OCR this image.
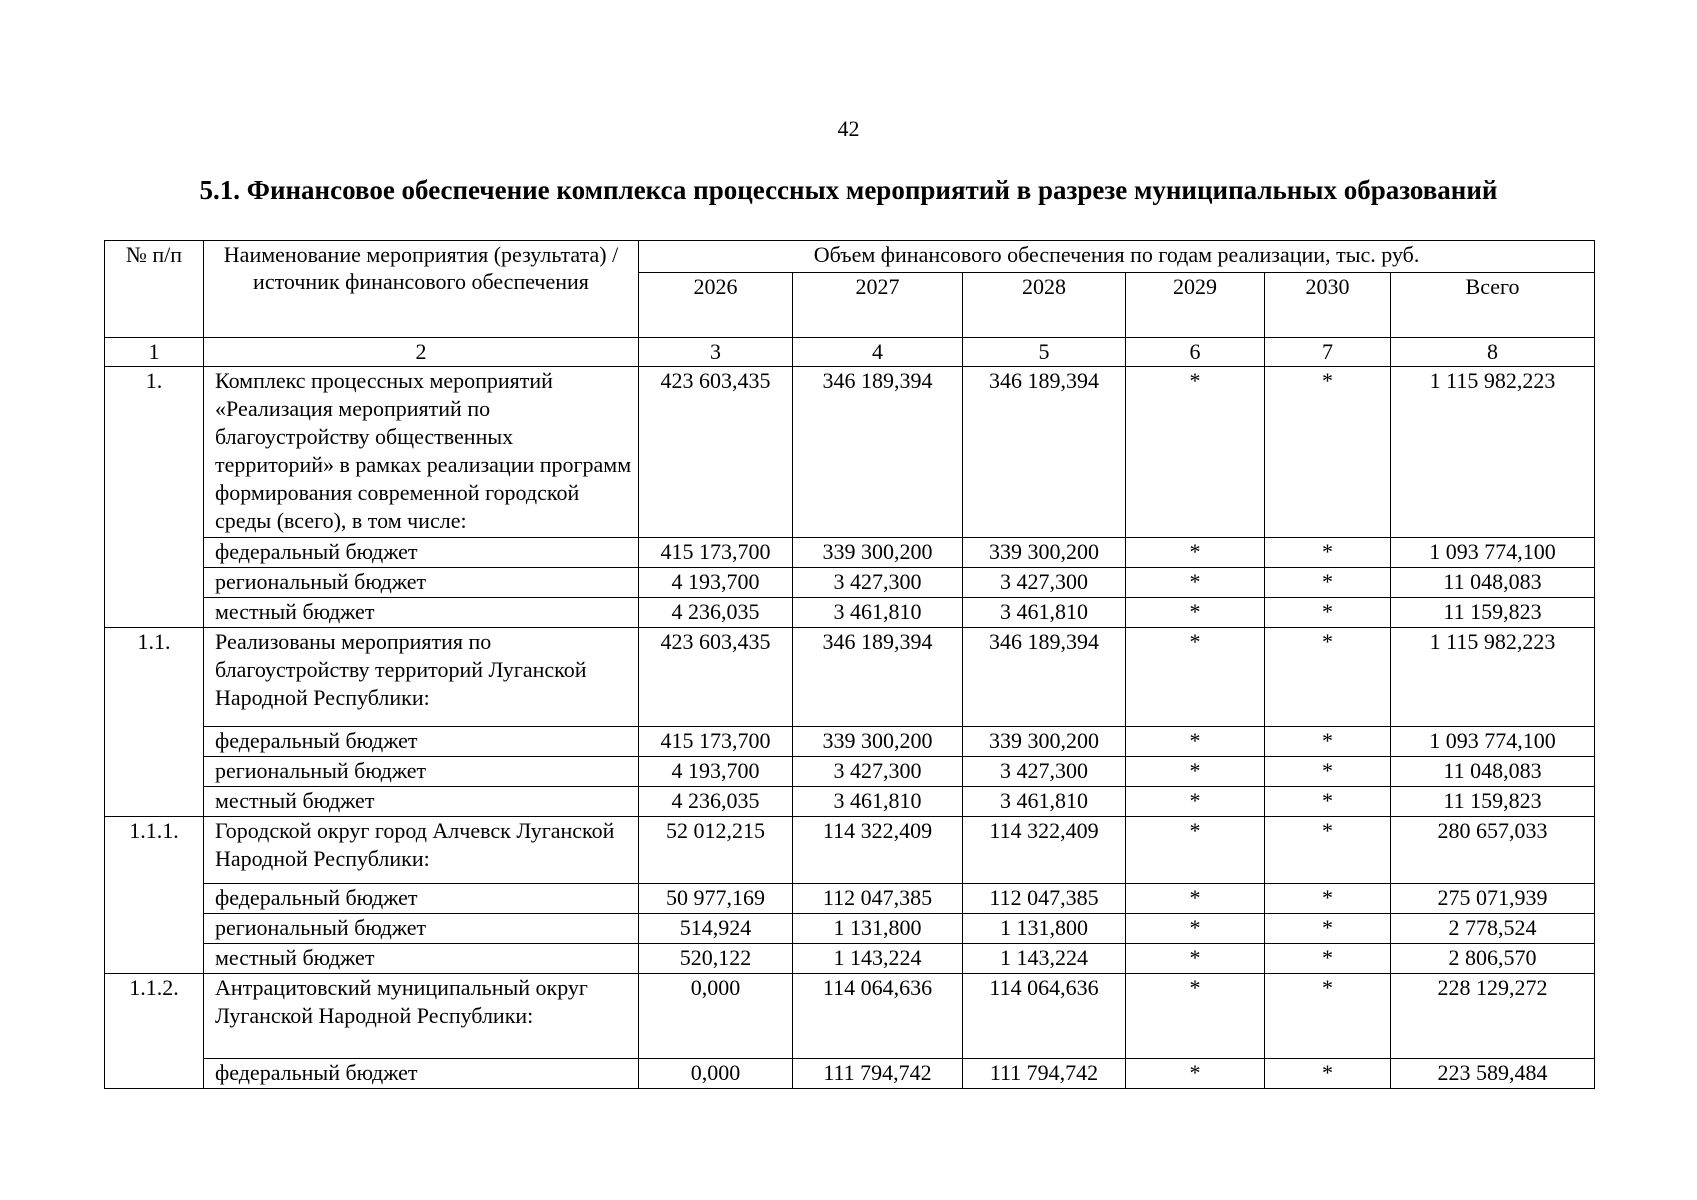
42
5.1. Финансовое обеспечение комплекса процессных мероприятий в разрезе муниципальных образований
№ п/п	Наименование мероприятия (результата) / источник финансового обеспечения	Объем финансового обеспечения по годам реализации, тыс. руб.					
		2026	2027	2028	2029	2030	Всего
1	2	3	4	5	6	7	8
1.	Комплекс процессных мероприятий «Реализация мероприятий по благоустройству общественных территорий» в рамках реализации программ формирования современной городской среды (всего), в том числе:	423 603,435	346 189,394	346 189,394	*	*	1 115 982,223
	федеральный бюджет	415 173,700	339 300,200	339 300,200	*	*	1 093 774,100
	региональный бюджет	4 193,700	3 427,300	3 427,300	*	*	11 048,083
	местный бюджет	4 236,035	3 461,810	3 461,810	*	*	11 159,823
1.1.	Реализованы мероприятия по благоустройству территорий Луганской Народной Республики:	423 603,435	346 189,394	346 189,394	*	*	1 115 982,223
	федеральный бюджет	415 173,700	339 300,200	339 300,200	*	*	1 093 774,100
	региональный бюджет	4 193,700	3 427,300	3 427,300	*	*	11 048,083
	местный бюджет	4 236,035	3 461,810	3 461,810	*	*	11 159,823
1.1.1.	Городской округ город Алчевск Луганской Народной Республики:	52 012,215	114 322,409	114 322,409	*	*	280 657,033
	федеральный бюджет	50 977,169	112 047,385	112 047,385	*	*	275 071,939
	региональный бюджет	514,924	1 131,800	1 131,800	*	*	2 778,524
	местный бюджет	520,122	1 143,224	1 143,224	*	*	2 806,570
1.1.2.	Антрацитовский муниципальный округ Луганской Народной Республики:	0,000	114 064,636	114 064,636	*	*	228 129,272
	федеральный бюджет	0,000	111 794,742	111 794,742	*	*	223 589,484
